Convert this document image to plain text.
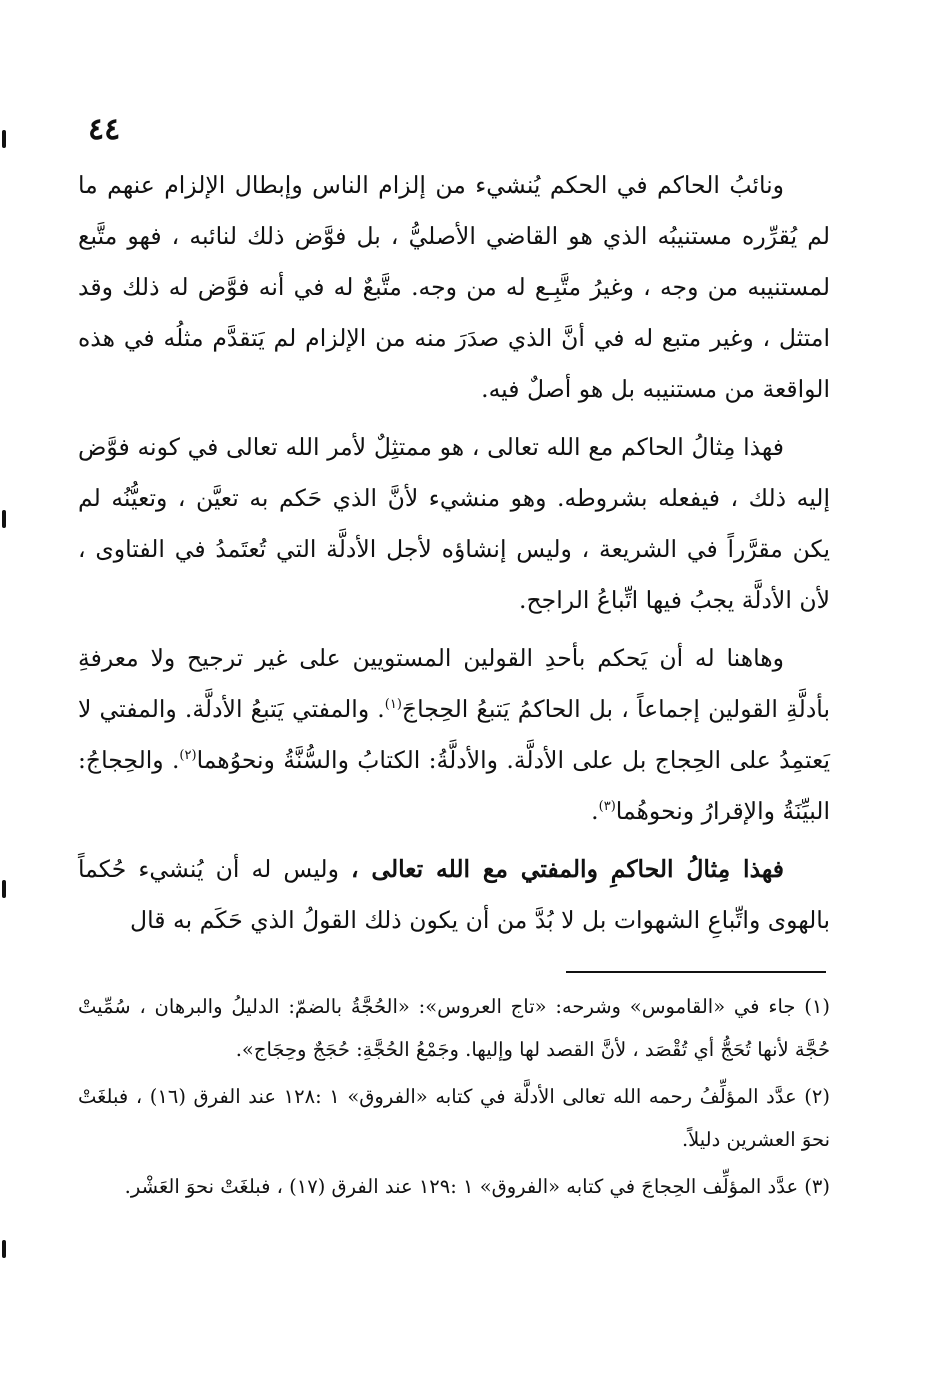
٤٤

ونائبُ الحاكم في الحكم يُنشيء من إلزام الناس وإبطال الإلزام عنهم ما لم يُقرِّره مستنيبُه الذي هو القاضي الأصليُّ ، بل فوَّض ذلك لنائبه ، فهو متَّبع لمستنيبه من وجه ، وغيرُ متَّبِـع له من وجه. متَّبعٌ له في أنه فوَّض له ذلك وقد امتثل ، وغير متبع له في أنَّ الذي صدَرَ منه من الإلزام لم يَتقدَّم مثلُه في هذه الواقعة من مستنيبه بل هو أصلٌ فيه.

فهذا مِثالُ الحاكم مع الله تعالى ، هو ممتثِلٌ لأمر الله تعالى في كونه فوَّض إليه ذلك ، فيفعله بشروطه. وهو منشيء لأنَّ الذي حَكم به تعيَّن ، وتعيُّنُه لم يكن مقرَّراً في الشريعة ، وليس إنشاؤه لأجل الأدلَّة التي تُعتَمدُ في الفتاوى ، لأن الأدلَّة يجبُ فيها اتِّباعُ الراجح.

وهاهنا له أن يَحكم بأحدِ القولين المستويين على غير ترجيح ولا معرفةِ بأدلَّةِ القولين إجماعاً ، بل الحاكمُ يَتبعُ الحِجاجَ$^{(١)}$. والمفتي يَتبعُ الأدلَّة. والمفتي لا يَعتمِدُ على الحِجاج بل على الأدلَّة. والأدلَّةُ: الكتابُ والسُّنَّةُ ونحوُهما$^{(٢)}$. والحِجاجُ: البيِّنَةُ والإقرارُ ونحوهُما$^{(٣)}$.

فهذا مِثالُ الحاكمِ والمفتي مع الله تعالى ، وليس له أن يُنشيء حُكماً بالهوى واتِّباعِ الشهوات بل لا بُدَّ من أن يكون ذلك القولُ الذي حَكَم به قال

(١) جاء في «القاموس» وشرحه: «تاج العروس»: «الحُجَّةُ بالضمّ: الدليلُ والبرهان ، سُمِّيتْ حُجَّة لأنها تُحَجُّ أي تُقْصَد ، لأنَّ القصد لها وإليها. وجَمْعُ الحُجَّةِ: حُجَجٌ وحِجَاج».

(٢) عدَّد المؤلِّفُ رحمه الله تعالى الأدلَّة في كتابه «الفروق» ١ :١٢٨ عند الفرق (١٦) ، فبلغَتْ نحوَ العشرين دليلاً.

(٣) عدَّد المؤلِّف الحِجاجَ في كتابه «الفروق» ١ :١٢٩ عند الفرق (١٧) ، فبلغَتْ نحوَ العَشْر.
